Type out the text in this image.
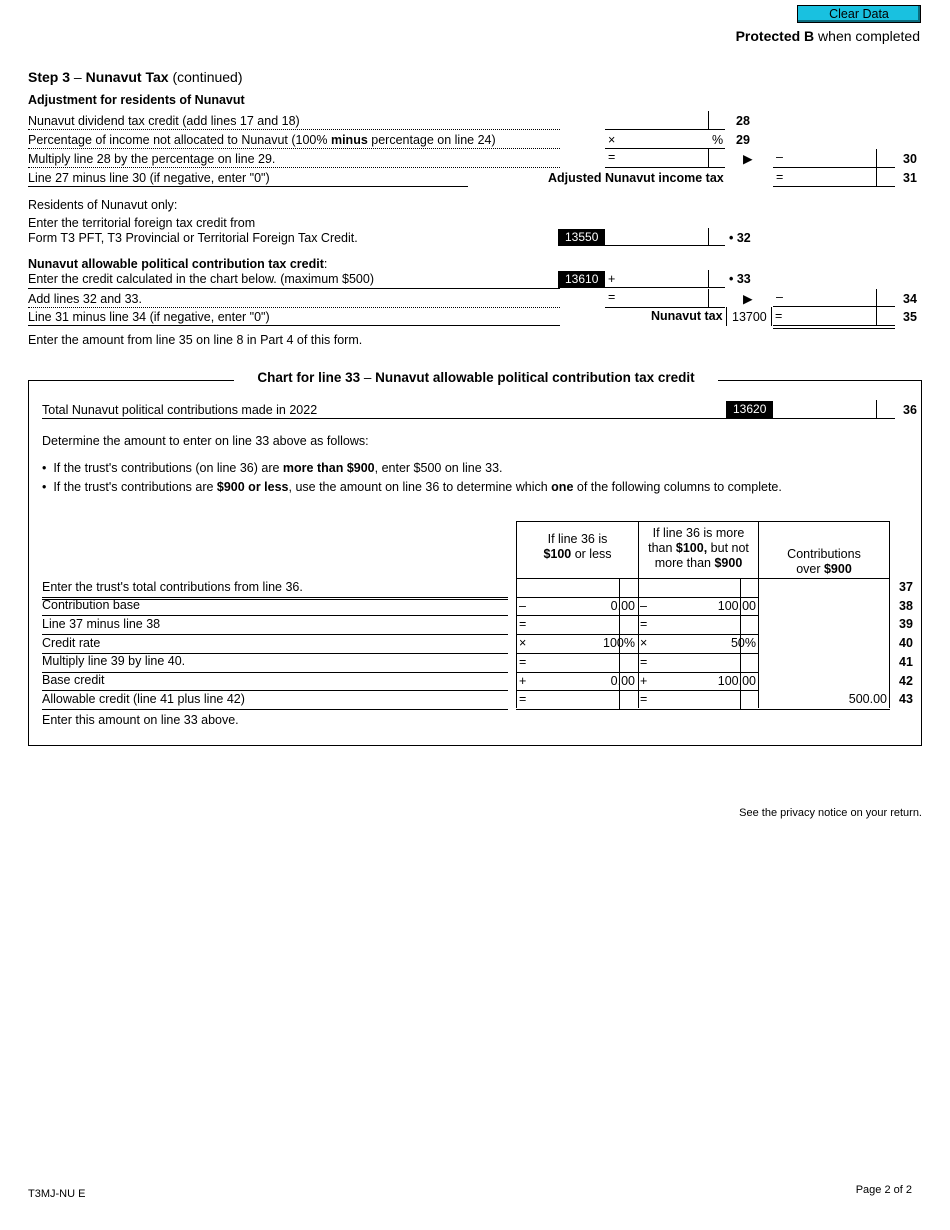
Clear Data
Protected B when completed
Step 3 – Nunavut Tax (continued)
Adjustment for residents of Nunavut
Nunavut dividend tax credit (add lines 17 and 18)	28
Percentage of income not allocated to Nunavut (100% minus percentage on line 24)	×	% 29
Multiply line 28 by the percentage on line 29.	=	▶ –	30
Line 27 minus line 30 (if negative, enter "0")	Adjusted Nunavut income tax	=	31
Residents of Nunavut only:
Enter the territorial foreign tax credit from
Form T3 PFT, T3 Provincial or Territorial Foreign Tax Credit.	13550	• 32
Nunavut allowable political contribution tax credit:
Enter the credit calculated in the chart below. (maximum $500)	13610 +	• 33
Add lines 32 and 33.	=	▶ –	34
Line 31 minus line 34 (if negative, enter "0")	Nunavut tax 13700 =	35
Enter the amount from line 35 on line 8 in Part 4 of this form.
Chart for line 33 – Nunavut allowable political contribution tax credit
Total Nunavut political contributions made in 2022	13620	36
Determine the amount to enter on line 33 above as follows:
•  If the trust's contributions (on line 36) are more than $900, enter $500 on line 33.
•  If the trust's contributions are $900 or less, use the amount on line 36 to determine which one of the following columns to complete.
If line 36 is
$100 or less
If line 36 is more
than $100, but not
more than $900
Contributions
over $900
Enter the trust's total contributions from line 36.	37
Contribution base	–	0.00 –	100.00	38
Line 37 minus line 38	=	=	39
Credit rate	×	100% ×	50%	40
Multiply line 39 by line 40.	=	=	41
Base credit	+	0.00 +	100.00	42
Allowable credit (line 41 plus line 42)	=	=	500.00 43
Enter this amount on line 33 above.
See the privacy notice on your return.
T3MJ-NU E	Page 2 of 2
